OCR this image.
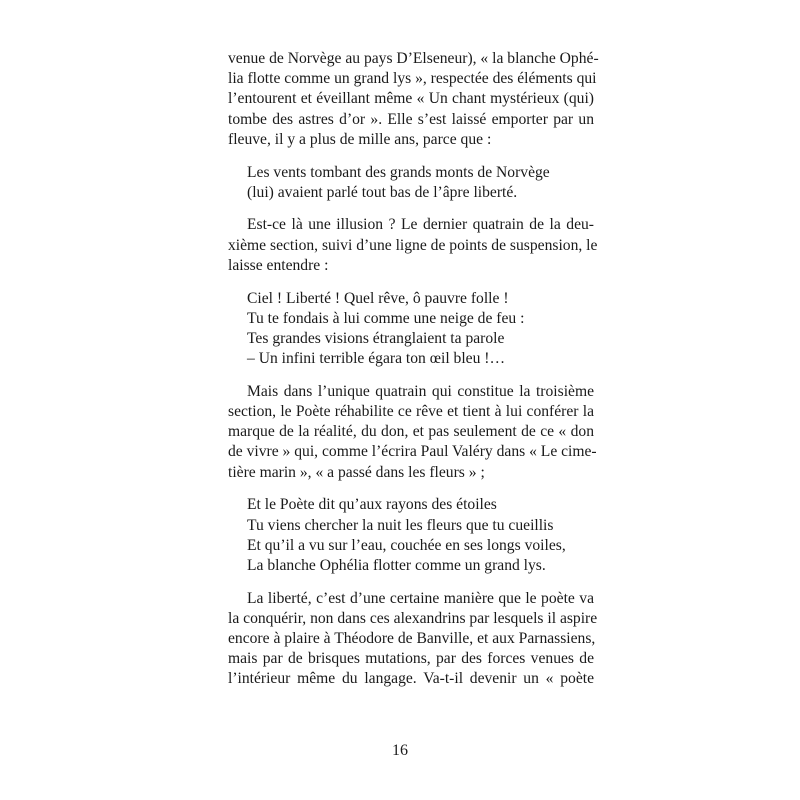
venue de Norvège au pays D’Elseneur), « la blanche Ophé-
lia flotte comme un grand lys », respectée des éléments qui
l’entourent et éveillant même « Un chant mystérieux (qui)
tombe des astres d’or ». Elle s’est laissé emporter par un
fleuve, il y a plus de mille ans, parce que :
Les vents tombant des grands monts de Norvège
(lui) avaient parlé tout bas de l’âpre liberté.
Est-ce là une illusion ? Le dernier quatrain de la deu-
xième section, suivi d’une ligne de points de suspension, le
laisse entendre :
Ciel ! Liberté ! Quel rêve, ô pauvre folle !
Tu te fondais à lui comme une neige de feu :
Tes grandes visions étranglaient ta parole
– Un infini terrible égara ton œil bleu !…
Mais dans l’unique quatrain qui constitue la troisième
section, le Poète réhabilite ce rêve et tient à lui conférer la
marque de la réalité, du don, et pas seulement de ce « don
de vivre » qui, comme l’écrira Paul Valéry dans « Le cime-
tière marin », « a passé dans les fleurs » ;
Et le Poète dit qu’aux rayons des étoiles
Tu viens chercher la nuit les fleurs que tu cueillis
Et qu’il a vu sur l’eau, couchée en ses longs voiles,
La blanche Ophélia flotter comme un grand lys.
La liberté, c’est d’une certaine manière que le poète va
la conquérir, non dans ces alexandrins par lesquels il aspire
encore à plaire à Théodore de Banville, et aux Parnassiens,
mais par de brisques mutations, par des forces venues de
l’intérieur même du langage. Va-t-il devenir un « poète
16
